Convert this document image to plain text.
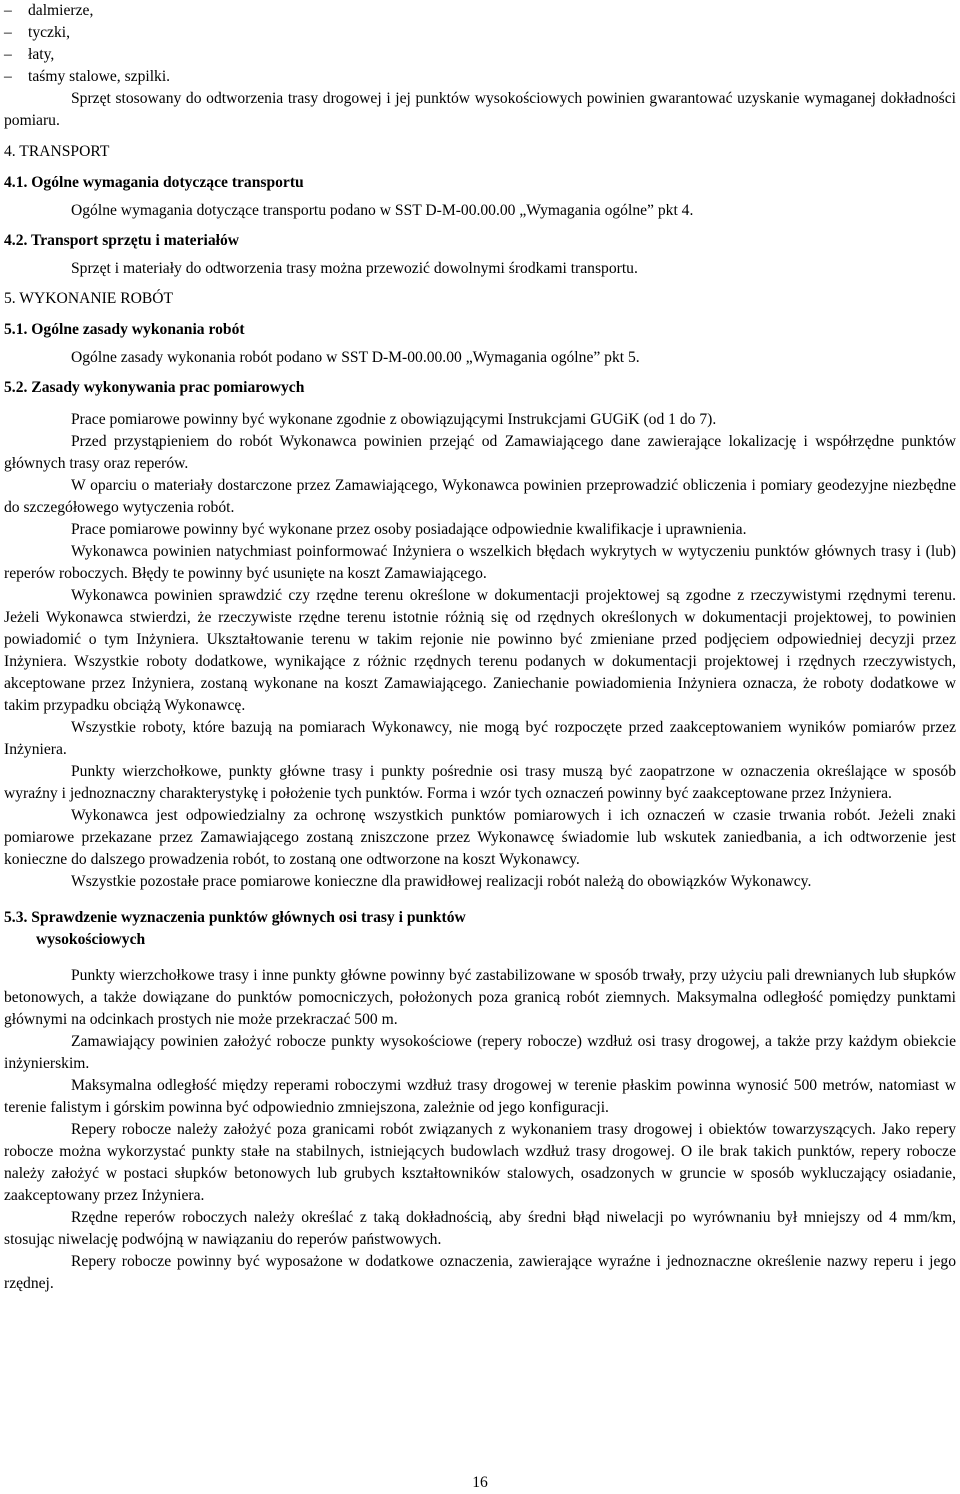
– dalmierze,
– tyczki,
– łaty,
– taśmy stalowe, szpilki.

Sprzęt stosowany do odtworzenia trasy drogowej i jej punktów wysokościowych powinien gwarantować uzyskanie wymaganej dokładności pomiaru.

4. TRANSPORT
4.1. Ogólne wymagania dotyczące transportu

Ogólne wymagania dotyczące transportu podano w SST D-M-00.00.00 „Wymagania ogólne” pkt 4.

4.2. Transport sprzętu i materiałów

Sprzęt i materiały do odtworzenia trasy można przewozić dowolnymi środkami transportu.

5. WYKONANIE ROBÓT
5.1. Ogólne zasady wykonania robót

Ogólne zasady wykonania robót podano w SST D-M-00.00.00 „Wymagania ogólne” pkt 5.

5.2. Zasady wykonywania prac pomiarowych

Prace pomiarowe powinny być wykonane zgodnie z obowiązującymi Instrukcjami GUGiK (od 1 do 7).

Przed przystąpieniem do robót Wykonawca powinien przejąć od Zamawiającego dane zawierające lokalizację i współrzędne punktów głównych trasy oraz reperów.

W oparciu o materiały dostarczone przez Zamawiającego, Wykonawca powinien przeprowadzić obliczenia i pomiary geodezyjne niezbędne do szczegółowego wytyczenia robót.

Prace pomiarowe powinny być wykonane przez osoby posiadające odpowiednie kwalifikacje i uprawnienia.

Wykonawca powinien natychmiast poinformować Inżyniera o wszelkich błędach wykrytych w wytyczeniu punktów głównych trasy i (lub) reperów roboczych. Błędy te powinny być usunięte na koszt Zamawiającego.

Wykonawca powinien sprawdzić czy rzędne terenu określone w dokumentacji projektowej są zgodne z rzeczywistymi rzędnymi terenu. Jeżeli Wykonawca stwierdzi, że rzeczywiste rzędne terenu istotnie różnią się od rzędnych określonych w dokumentacji projektowej, to powinien powiadomić o tym Inżyniera. Ukształtowanie terenu w takim rejonie nie powinno być zmieniane przed podjęciem odpowiedniej decyzji przez Inżyniera. Wszystkie roboty dodatkowe, wynikające z różnic rzędnych terenu podanych w dokumentacji projektowej i rzędnych rzeczywistych, akceptowane przez Inżyniera, zostaną wykonane na koszt Zamawiającego. Zaniechanie powiadomienia Inżyniera oznacza, że roboty dodatkowe w takim przypadku obciążą Wykonawcę.

Wszystkie roboty, które bazują na pomiarach Wykonawcy, nie mogą być rozpoczęte przed zaakceptowaniem wyników pomiarów przez Inżyniera.

Punkty wierzchołkowe, punkty główne trasy i punkty pośrednie osi trasy muszą być zaopatrzone w oznaczenia określające w sposób wyraźny i jednoznaczny charakterystykę i położenie tych punktów. Forma i wzór tych oznaczeń powinny być zaakceptowane przez Inżyniera.

Wykonawca jest odpowiedzialny za ochronę wszystkich punktów pomiarowych i ich oznaczeń w czasie trwania robót. Jeżeli znaki pomiarowe przekazane przez Zamawiającego zostaną zniszczone przez Wykonawcę świadomie lub wskutek zaniedbania, a ich odtworzenie jest konieczne do dalszego prowadzenia robót, to zostaną one odtworzone na koszt Wykonawcy.

Wszystkie pozostałe prace pomiarowe konieczne dla prawidłowej realizacji robót należą do obowiązków Wykonawcy.

5.3. Sprawdzenie wyznaczenia punktów głównych osi trasy i punktów
wysokościowych

Punkty wierzchołkowe trasy i inne punkty główne powinny być zastabilizowane w sposób trwały, przy użyciu pali drewnianych lub słupków betonowych, a także dowiązane do punktów pomocniczych, położonych poza granicą robót ziemnych. Maksymalna odległość pomiędzy punktami głównymi na odcinkach prostych nie może przekraczać 500 m.

Zamawiający powinien założyć robocze punkty wysokościowe (repery robocze) wzdłuż osi trasy drogowej, a także przy każdym obiekcie inżynierskim.

Maksymalna odległość między reperami roboczymi wzdłuż trasy drogowej w terenie płaskim powinna wynosić 500 metrów, natomiast w terenie falistym i górskim powinna być odpowiednio zmniejszona, zależnie od jego konfiguracji.

Repery robocze należy założyć poza granicami robót związanych z wykonaniem trasy drogowej i obiektów towarzyszących. Jako repery robocze można wykorzystać punkty stałe na stabilnych, istniejących budowlach wzdłuż trasy drogowej. O ile brak takich punktów, repery robocze należy założyć w postaci słupków betonowych lub grubych kształtowników stalowych, osadzonych w gruncie w sposób wykluczający osiadanie, zaakceptowany przez Inżyniera.

Rzędne reperów roboczych należy określać z taką dokładnością, aby średni błąd niwelacji po wyrównaniu był mniejszy od 4 mm/km, stosując niwelację podwójną w nawiązaniu do reperów państwowych.

Repery robocze powinny być wyposażone w dodatkowe oznaczenia, zawierające wyraźne i jednoznaczne określenie nazwy reperu i jego rzędnej.

16
